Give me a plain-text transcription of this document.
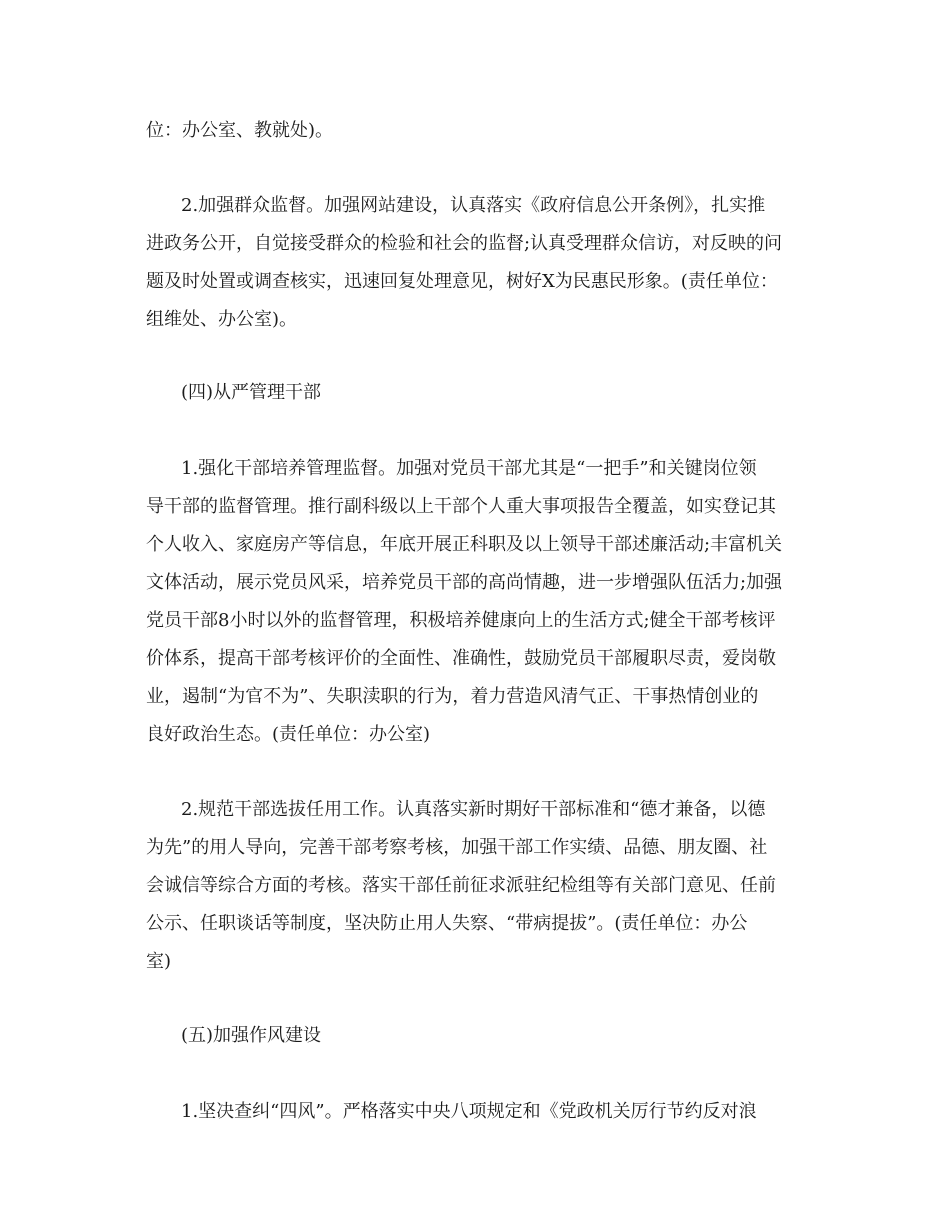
位：办公室、教就处)。
2.加强群众监督。加强网站建设，认真落实《政府信息公开条例》，扎实推
进政务公开，自觉接受群众的检验和社会的监督;认真受理群众信访，对反映的问
题及时处置或调查核实，迅速回复处理意见，树好X为民惠民形象。(责任单位：
组维处、办公室)。
(四)从严管理干部
1.强化干部培养管理监督。加强对党员干部尤其是“一把手”和关键岗位领
导干部的监督管理。推行副科级以上干部个人重大事项报告全覆盖，如实登记其
个人收入、家庭房产等信息，年底开展正科职及以上领导干部述廉活动;丰富机关
文体活动，展示党员风采，培养党员干部的高尚情趣，进一步增强队伍活力;加强
党员干部8小时以外的监督管理，积极培养健康向上的生活方式;健全干部考核评
价体系，提高干部考核评价的全面性、准确性，鼓励党员干部履职尽责，爱岗敬
业，遏制“为官不为”、失职渎职的行为，着力营造风清气正、干事热情创业的
良好政治生态。(责任单位：办公室)
2.规范干部选拔任用工作。认真落实新时期好干部标准和“德才兼备，以德
为先”的用人导向，完善干部考察考核，加强干部工作实绩、品德、朋友圈、社
会诚信等综合方面的考核。落实干部任前征求派驻纪检组等有关部门意见、任前
公示、任职谈话等制度，坚决防止用人失察、“带病提拔”。(责任单位：办公
室)
(五)加强作风建设
1.坚决查纠“四风”。严格落实中央八项规定和《党政机关厉行节约反对浪
